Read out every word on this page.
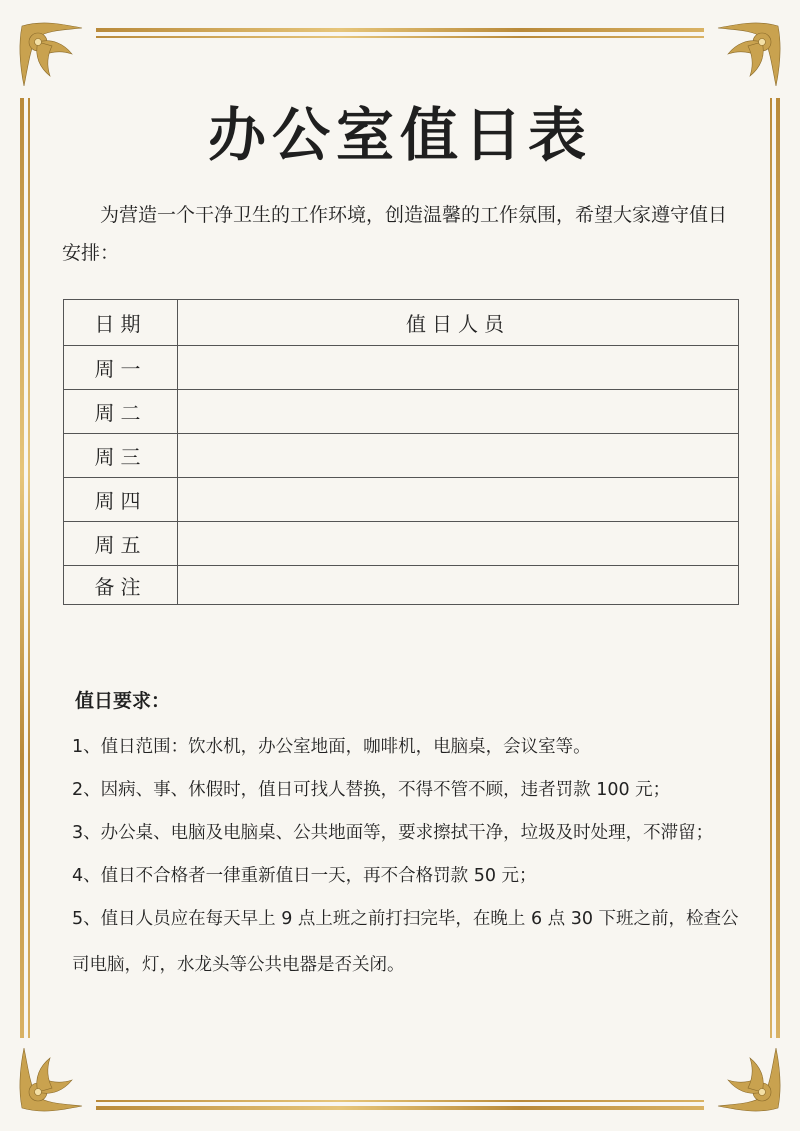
办公室值日表

为营造一个干净卫生的工作环境，创造温馨的工作氛围，希望大家遵守值日安排：

日期	值日人员
周一	
周二	
周三	
周四	
周五	
备注	
值日要求：
1、值日范围：饮水机，办公室地面，咖啡机，电脑桌，会议室等。
2、因病、事、休假时，值日可找人替换，不得不管不顾，违者罚款 100 元；
3、办公桌、电脑及电脑桌、公共地面等，要求擦拭干净，垃圾及时处理，不滞留；
4、值日不合格者一律重新值日一天，再不合格罚款 50 元；
5、值日人员应在每天早上 9 点上班之前打扫完毕，在晚上 6 点 30 下班之前，检查公司电脑，灯，水龙头等公共电器是否关闭。
